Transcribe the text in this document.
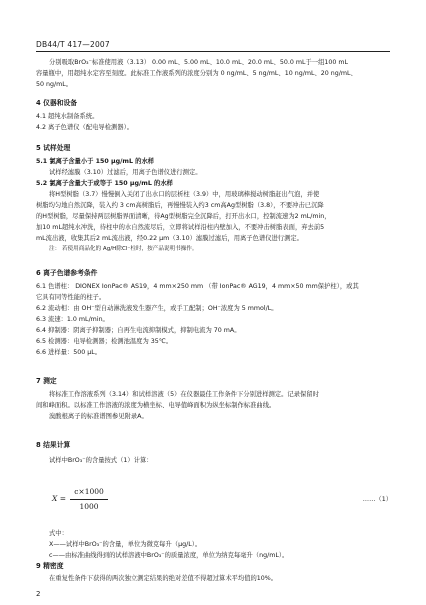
DB44/T 417—2007
分别吸取BrO₃⁻标准使用液（3.13） 0.00 mL、5.00 mL、10.0 mL、20.0 mL、50.0 mL于一组100 mL
容量瓶中，用超纯水定容至刻度。此标准工作液系列的浓度分别为 0 ng/mL、5 ng/mL、10 ng/mL、20 ng/mL、
50 ng/mL。
4 仪器和设备
4.1 超纯水制备系统。
4.2 离子色谱仪（配电导检测器）。
5 试样处理
5.1 氯离子含量小于 150 μg/mL 的水样
试样经滤膜（3.10）过滤后，用离子色谱仪进行测定。
5.2 氯离子含量大于或等于 150 μg/mL 的水样
将H型树脂（3.7）慢慢倒入关闭了出水口的层析柱（3.9）中，用玻璃棒搅动树脂赶出气泡，并使
树脂均匀地自然沉降，装入约 3 cm高树脂后，再慢慢装入约3 cm高Ag型树脂（3.8），不要冲击已沉降
的H型树脂，尽量保持两层树脂界面清晰，待Ag型树脂完全沉降后，打开出水口，控制流速为2 mL/min，
加10 mL超纯水冲洗，待柱中的水自然流尽后，立即将试样沿柱内壁加入，不要冲击树脂表面，弃去前5
mL流出液，收集其后2 mL流出液，经0.22 μm（3.10）滤膜过滤后，用离子色谱仪进行测定。
注： 若使用商品化的 Ag/H除Cl⁻柱时，按产品说明书操作。
6 离子色谱参考条件
6.1 色谱柱： DIONEX IonPac® AS19，4 mm×250 mm （带 IonPac® AG19，4 mm×50 mm保护柱），或其
它具有同等性能的柱子。
6.2 流动相：由 OH⁻型自动淋洗液发生器产生，或手工配制；OH⁻浓度为 5 mmol/L。
6.3 流速：1.0 mL/min。
6.4 抑制器：阴离子抑制器；自再生电流抑制模式，抑制电流为 70 mA。
6.5 检测器：电导检测器；检测池温度为 35℃。
6.6 进样量：500 μL。
7 测定
将标准工作溶液系列（3.14）和试样溶液（5）在仪器最佳工作条件下分别进样测定。记录保留时
间和峰面积。以标准工作溶液的浓度为横坐标、电导值峰面积为纵坐标制作标准曲线。
溴酸根离子的标准谱图参见附录A。
8 结果计算
试样中BrO₃⁻的含量按式（1）计算：
X =
c×1000
1000
……（1）
式中：
X——试样中BrO₃⁻的含量，单位为微克每升（μg/L）。
c——由标准曲线得到的试样溶液中BrO₃⁻的质量浓度，单位为纳克每毫升（ng/mL）。
9 精密度
在重复性条件下获得的两次独立测定结果的绝对差值不得超过算术平均值的10%。
2
